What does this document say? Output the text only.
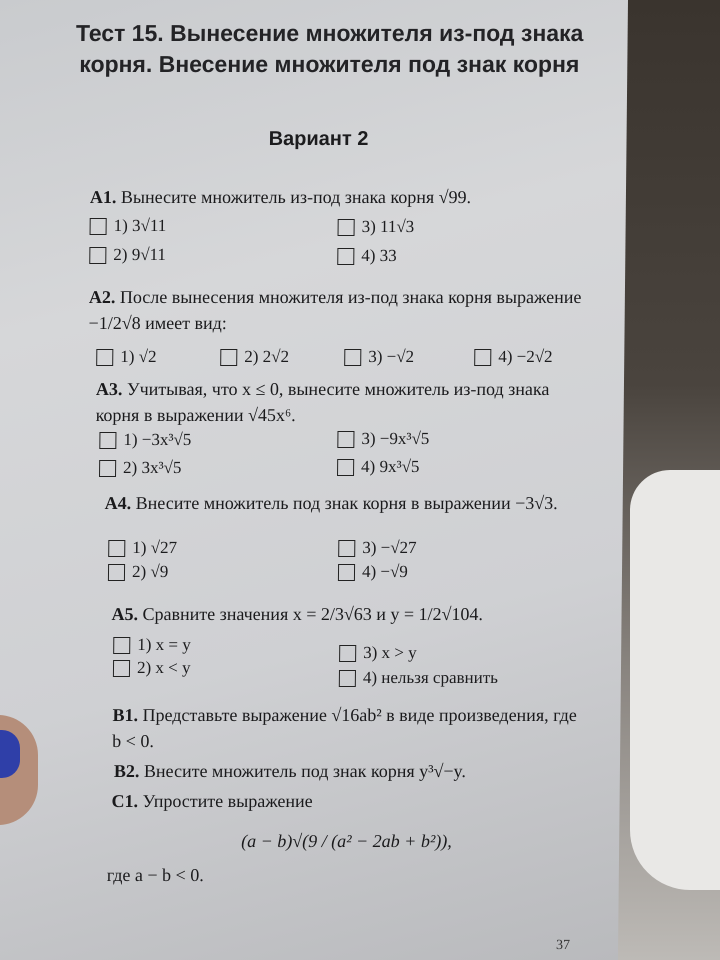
Тест 15. Вынесение множителя из-под знака корня. Внесение множителя под знак корня
Вариант 2
A1. Вынесите множитель из-под знака корня √99.
1) 3√11
2) 9√11
3) 11√3
4) 33
A2. После вынесения множителя из-под знака корня выражение −1/2√8 имеет вид:
1) √2	2) 2√2	3) −√2	4) −2√2
A3. Учитывая, что x ≤ 0, вынесите множитель из-под знака корня в выражении √45x⁶.
1) −3x³√5
2) 3x³√5
3) −9x³√5
4) 9x³√5
A4. Внесите множитель под знак корня в выражении −3√3.
1) √27
2) √9
3) −√27
4) −√9
A5. Сравните значения x = 2/3√63 и y = 1/2√104.
1) x = y
2) x < y
3) x > y
4) нельзя сравнить
B1. Представьте выражение √16ab² в виде произведения, где b < 0.
B2. Внесите множитель под знак корня y³√−y.
C1. Упростите выражение
(a − b)√(9 / (a² − 2ab + b²)),
где a − b < 0.
37
